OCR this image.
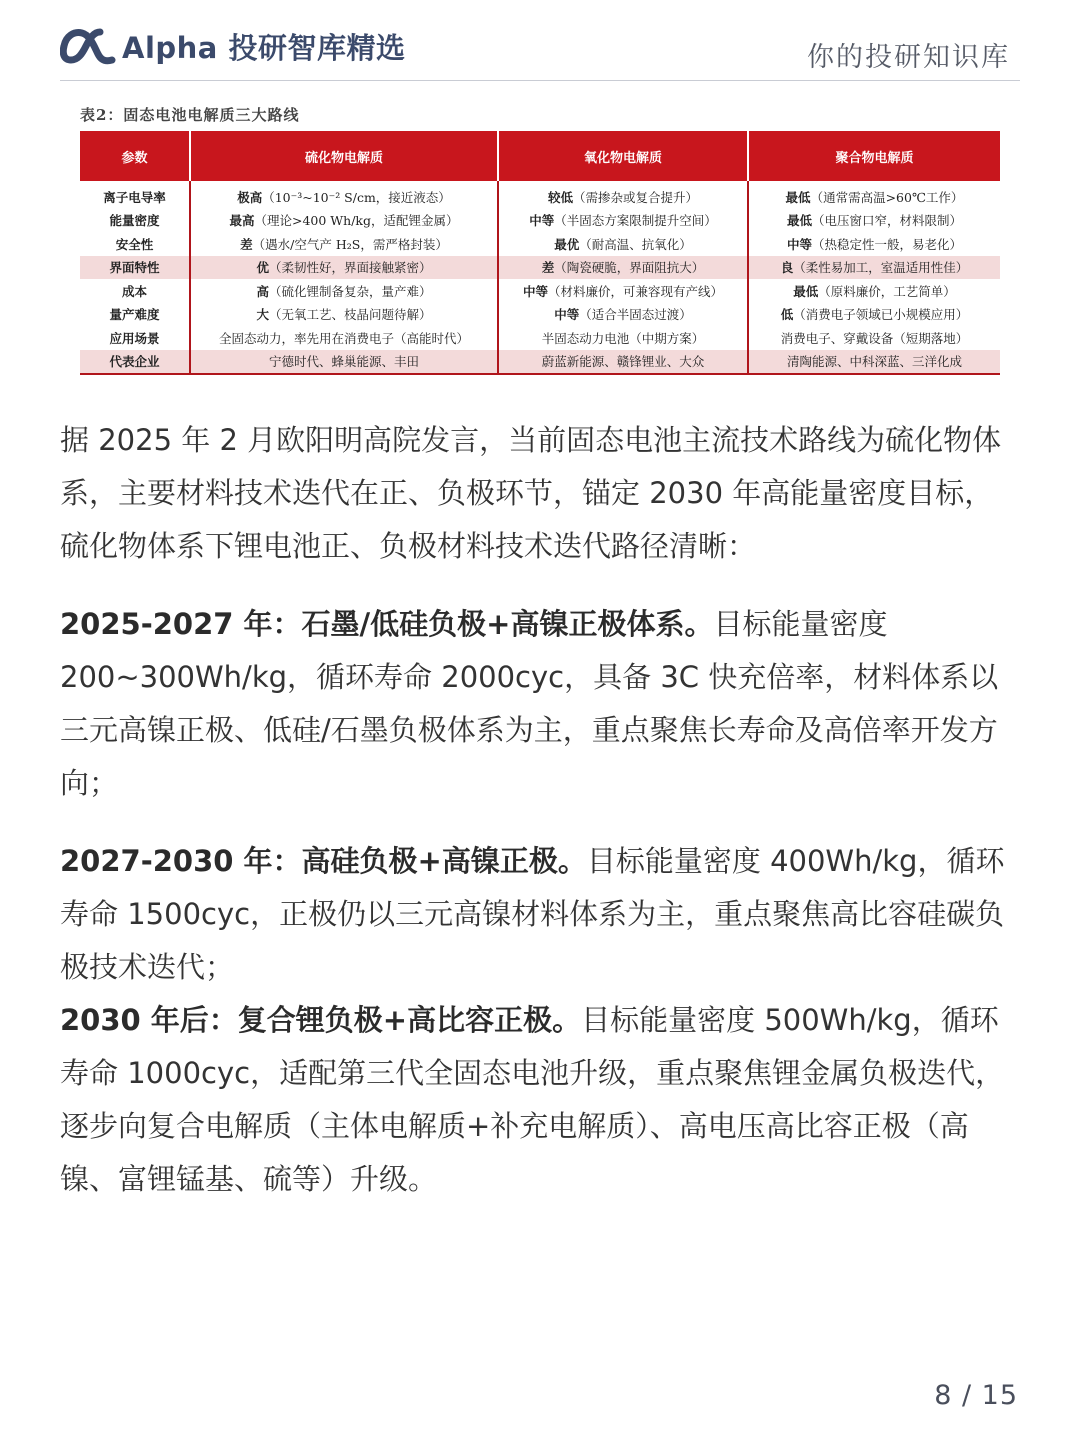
Alpha 投研智库精选	你的投研知识库
表2：固态电池电解质三大路线
参数	硫化物电解质	氧化物电解质	聚合物电解质
离子电导率	极高（10⁻³~10⁻² S/cm，接近液态）	较低（需掺杂或复合提升）	最低（通常需高温>60℃工作）
能量密度	最高（理论>400 Wh/kg，适配锂金属）	中等（半固态方案限制提升空间）	最低（电压窗口窄，材料限制）
安全性	差（遇水/空气产 H₂S，需严格封装）	最优（耐高温、抗氧化）	中等（热稳定性一般，易老化）
界面特性	优（柔韧性好，界面接触紧密）	差（陶瓷硬脆，界面阻抗大）	良（柔性易加工，室温适用性佳）
成本	高（硫化锂制备复杂，量产难）	中等（材料廉价，可兼容现有产线）	最低（原料廉价，工艺简单）
量产难度	大（无氧工艺、枝晶问题待解）	中等（适合半固态过渡）	低（消费电子领域已小规模应用）
应用场景	全固态动力，率先用在消费电子（高能时代）	半固态动力电池（中期方案）	消费电子、穿戴设备（短期落地）
代表企业	宁德时代、蜂巢能源、丰田	蔚蓝新能源、赣锋锂业、大众	清陶能源、中科深蓝、三洋化成

据 2025 年 2 月欧阳明高院发言，当前固态电池主流技术路线为硫化物体系，主要材料技术迭代在正、负极环节，锚定 2030 年高能量密度目标，硫化物体系下锂电池正、负极材料技术迭代路径清晰：

2025-2027 年：石墨/低硅负极+高镍正极体系。目标能量密度 200~300Wh/kg，循环寿命 2000cyc，具备 3C 快充倍率，材料体系以三元高镍正极、低硅/石墨负极体系为主，重点聚焦长寿命及高倍率开发方向；

2027-2030 年：高硅负极+高镍正极。目标能量密度 400Wh/kg，循环寿命 1500cyc，正极仍以三元高镍材料体系为主，重点聚焦高比容硅碳负极技术迭代；

2030 年后：复合锂负极+高比容正极。目标能量密度 500Wh/kg，循环寿命 1000cyc，适配第三代全固态电池升级，重点聚焦锂金属负极迭代，逐步向复合电解质（主体电解质+补充电解质）、高电压高比容正极（高镍、富锂锰基、硫等）升级。

8 / 15
